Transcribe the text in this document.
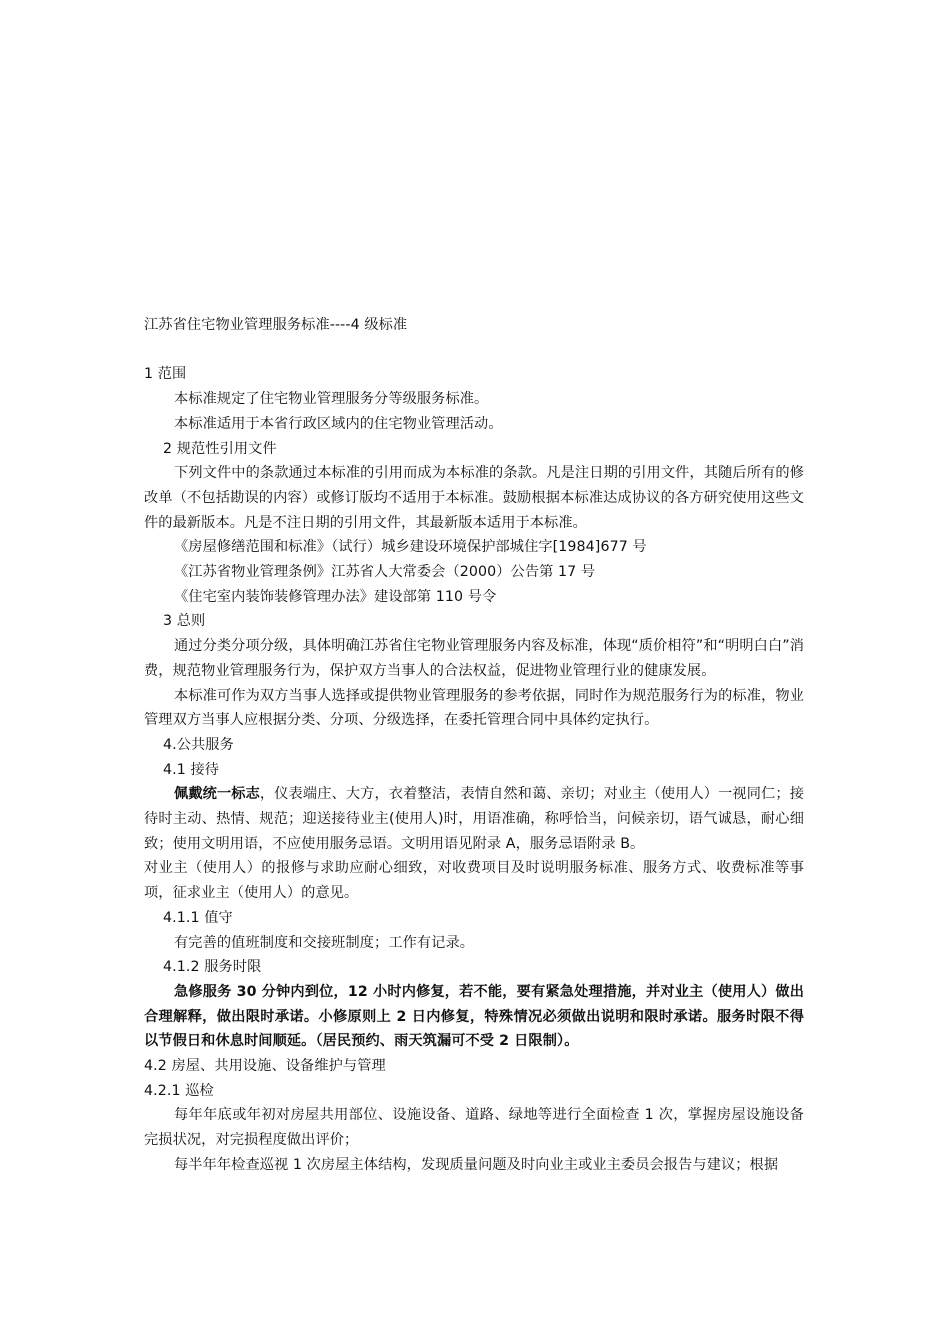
江苏省住宅物业管理服务标准----4 级标准

1 范围

本标准规定了住宅物业管理服务分等级服务标准。

本标准适用于本省行政区域内的住宅物业管理活动。

2 规范性引用文件

下列文件中的条款通过本标准的引用而成为本标准的条款。凡是注日期的引用文件，其随后所有的修改单（不包括勘误的内容）或修订版均不适用于本标准。鼓励根据本标准达成协议的各方研究使用这些文件的最新版本。凡是不注日期的引用文件，其最新版本适用于本标准。

《房屋修缮范围和标准》（试行）城乡建设环境保护部城住字[1984]677 号

《江苏省物业管理条例》江苏省人大常委会（2000）公告第 17 号

《住宅室内装饰装修管理办法》建设部第 110 号令

3 总则

通过分类分项分级，具体明确江苏省住宅物业管理服务内容及标准，体现“质价相符”和“明明白白”消费，规范物业管理服务行为，保护双方当事人的合法权益，促进物业管理行业的健康发展。

本标准可作为双方当事人选择或提供物业管理服务的参考依据，同时作为规范服务行为的标准，物业管理双方当事人应根据分类、分项、分级选择，在委托管理合同中具体约定执行。

4.公共服务

4.1 接待

佩戴统一标志，仪表端庄、大方，衣着整洁，表情自然和蔼、亲切；对业主（使用人）一视同仁；接待时主动、热情、规范；迎送接待业主(使用人)时，用语准确，称呼恰当，问候亲切，语气诚恳，耐心细致；使用文明用语，不应使用服务忌语。文明用语见附录 A，服务忌语附录 B。

对业主（使用人）的报修与求助应耐心细致，对收费项目及时说明服务标准、服务方式、收费标准等事项，征求业主（使用人）的意见。

4.1.1 值守

有完善的值班制度和交接班制度；工作有记录。

4.1.2 服务时限

急修服务 30 分钟内到位，12 小时内修复，若不能，要有紧急处理措施，并对业主（使用人）做出合理解释，做出限时承诺。小修原则上 2 日内修复，特殊情况必须做出说明和限时承诺。服务时限不得以节假日和休息时间顺延。（居民预约、雨天筑漏可不受 2 日限制）。

4.2 房屋、共用设施、设备维护与管理

4.2.1 巡检

每年年底或年初对房屋共用部位、设施设备、道路、绿地等进行全面检查 1 次，掌握房屋设施设备完损状况，对完损程度做出评价；

每半年年检查巡视 1 次房屋主体结构，发现质量问题及时向业主或业主委员会报告与建议；根据
